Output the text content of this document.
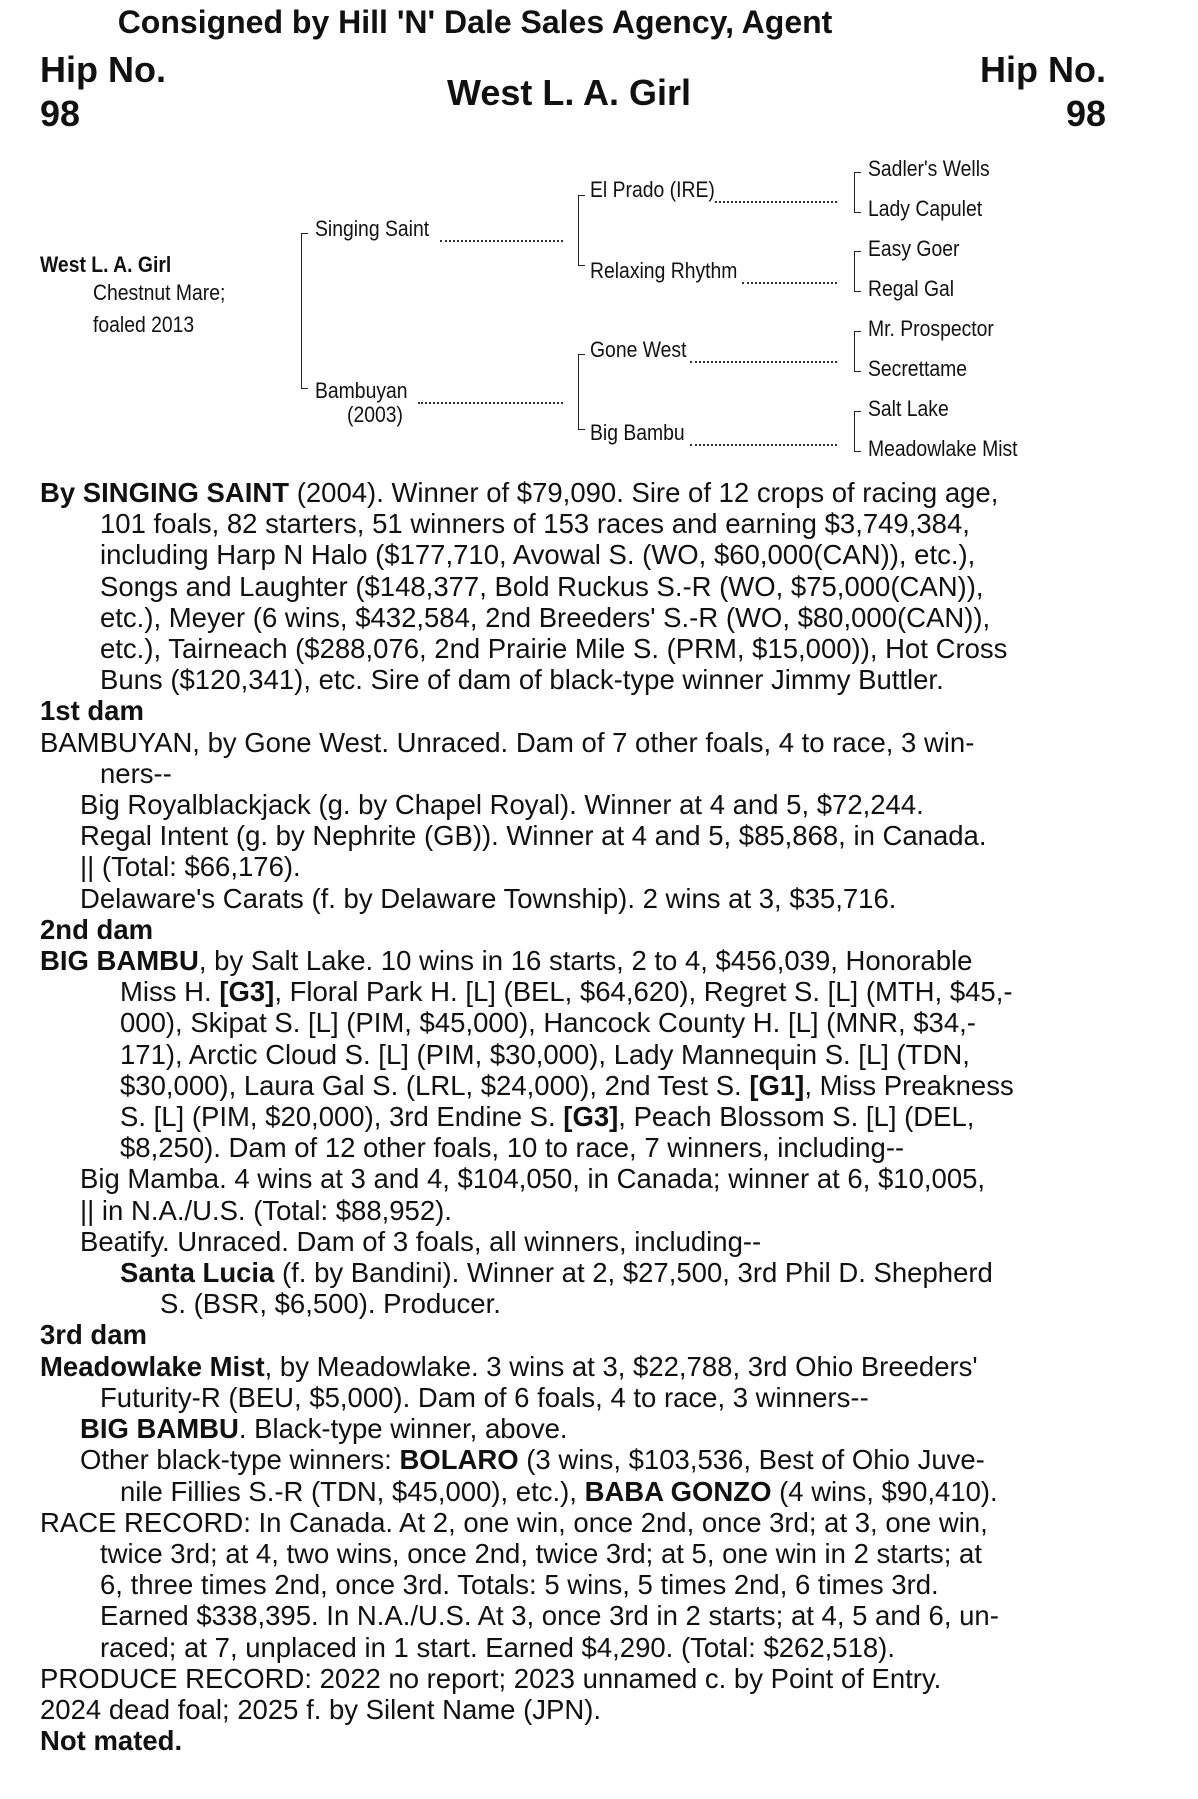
Consigned by Hill 'N' Dale Sales Agency, Agent
Hip No.
98
Hip No.
98
West L. A. Girl
West L. A. Girl
Chestnut Mare;
foaled 2013
Singing Saint
Bambuyan
(2003)
El Prado (IRE)
Relaxing Rhythm
Gone West
Big Bambu
Sadler's Wells
Lady Capulet
Easy Goer
Regal Gal
Mr. Prospector
Secrettame
Salt Lake
Meadowlake Mist

By SINGING SAINT (2004). Winner of $79,090. Sire of 12 crops of racing age,

101 foals, 82 starters, 51 winners of 153 races and earning $3,749,384,

including Harp N Halo ($177,710, Avowal S. (WO, $60,000(CAN)), etc.),

Songs and Laughter ($148,377, Bold Ruckus S.-R (WO, $75,000(CAN)),

etc.), Meyer (6 wins, $432,584, 2nd Breeders' S.-R (WO, $80,000(CAN)),

etc.), Tairneach ($288,076, 2nd Prairie Mile S. (PRM, $15,000)), Hot Cross

Buns ($120,341), etc. Sire of dam of black-type winner Jimmy Buttler.

1st dam

BAMBUYAN, by Gone West. Unraced. Dam of 7 other foals, 4 to race, 3 win-

ners--

Big Royalblackjack (g. by Chapel Royal). Winner at 4 and 5, $72,244.

Regal Intent (g. by Nephrite (GB)). Winner at 4 and 5, $85,868, in Canada.

|| (Total: $66,176).

Delaware's Carats (f. by Delaware Township). 2 wins at 3, $35,716.

2nd dam

BIG BAMBU, by Salt Lake. 10 wins in 16 starts, 2 to 4, $456,039, Honorable

Miss H. [G3], Floral Park H. [L] (BEL, $64,620), Regret S. [L] (MTH, $45,-

000), Skipat S. [L] (PIM, $45,000), Hancock County H. [L] (MNR, $34,-

171), Arctic Cloud S. [L] (PIM, $30,000), Lady Mannequin S. [L] (TDN,

$30,000), Laura Gal S. (LRL, $24,000), 2nd Test S. [G1], Miss Preakness

S. [L] (PIM, $20,000), 3rd Endine S. [G3], Peach Blossom S. [L] (DEL,

$8,250). Dam of 12 other foals, 10 to race, 7 winners, including--

Big Mamba. 4 wins at 3 and 4, $104,050, in Canada; winner at 6, $10,005,

|| in N.A./U.S. (Total: $88,952).

Beatify. Unraced. Dam of 3 foals, all winners, including--

Santa Lucia (f. by Bandini). Winner at 2, $27,500, 3rd Phil D. Shepherd

S. (BSR, $6,500). Producer.

3rd dam

Meadowlake Mist, by Meadowlake. 3 wins at 3, $22,788, 3rd Ohio Breeders'

Futurity-R (BEU, $5,000). Dam of 6 foals, 4 to race, 3 winners--

BIG BAMBU. Black-type winner, above.

Other black-type winners: BOLARO (3 wins, $103,536, Best of Ohio Juve-

nile Fillies S.-R (TDN, $45,000), etc.), BABA GONZO (4 wins, $90,410).

RACE RECORD: In Canada. At 2, one win, once 2nd, once 3rd; at 3, one win,

twice 3rd; at 4, two wins, once 2nd, twice 3rd; at 5, one win in 2 starts; at

6, three times 2nd, once 3rd. Totals: 5 wins, 5 times 2nd, 6 times 3rd.

Earned $338,395. In N.A./U.S. At 3, once 3rd in 2 starts; at 4, 5 and 6, un-

raced; at 7, unplaced in 1 start. Earned $4,290. (Total: $262,518).

PRODUCE RECORD: 2022 no report; 2023 unnamed c. by Point of Entry.

2024 dead foal; 2025 f. by Silent Name (JPN).

Not mated.
